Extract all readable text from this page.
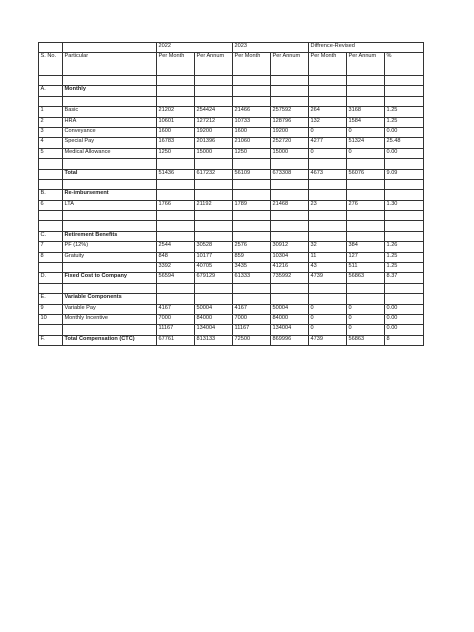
		2022		2023		Diffrence-Revised		
S. No.	Particular	Per Month	Per Annum	Per Month	Per Annum	Per Month	Per Annum	%

A.	Monthly							

1	Basic	21202	254424	21466	257592	264	3168	1.25
2	HRA	10601	127212	10733	128796	132	1584	1.25
3	Conveyance	1600	19200	1600	19200	0	0	0.00
4	Special Pay	16783	201396	21060	252720	4277	51324	25.48
5	Medical Allowance	1250	15000	1250	15000	0	0	0.00

	Total	51436	617232	56109	673308	4673	56076	9.09

B.	Re-imbursement							
6	LTA	1766	21192	1789	21468	23	276	1.30

C.	Retirement Benefits							
7	PF (12%)	2544	30528	2576	30912	32	384	1.26
8	Gratuity	848	10177	859	10304	11	127	1.25
		3392	40705	3435	41216	43	511	1.25
D.	Fixed Cost to Company	56594	679129	61333	735992	4739	56863	8.37

E.	Variable Components							
9	Variable Pay	4167	50004	4167	50004	0	0	0.00
10	Monthly Incentive	7000	84000	7000	84000	0	0	0.00
		11167	134004	11167	134004	0	0	0.00
F.	Total Compensation (CTC)	67761	813133	72500	869996	4739	56863	8
